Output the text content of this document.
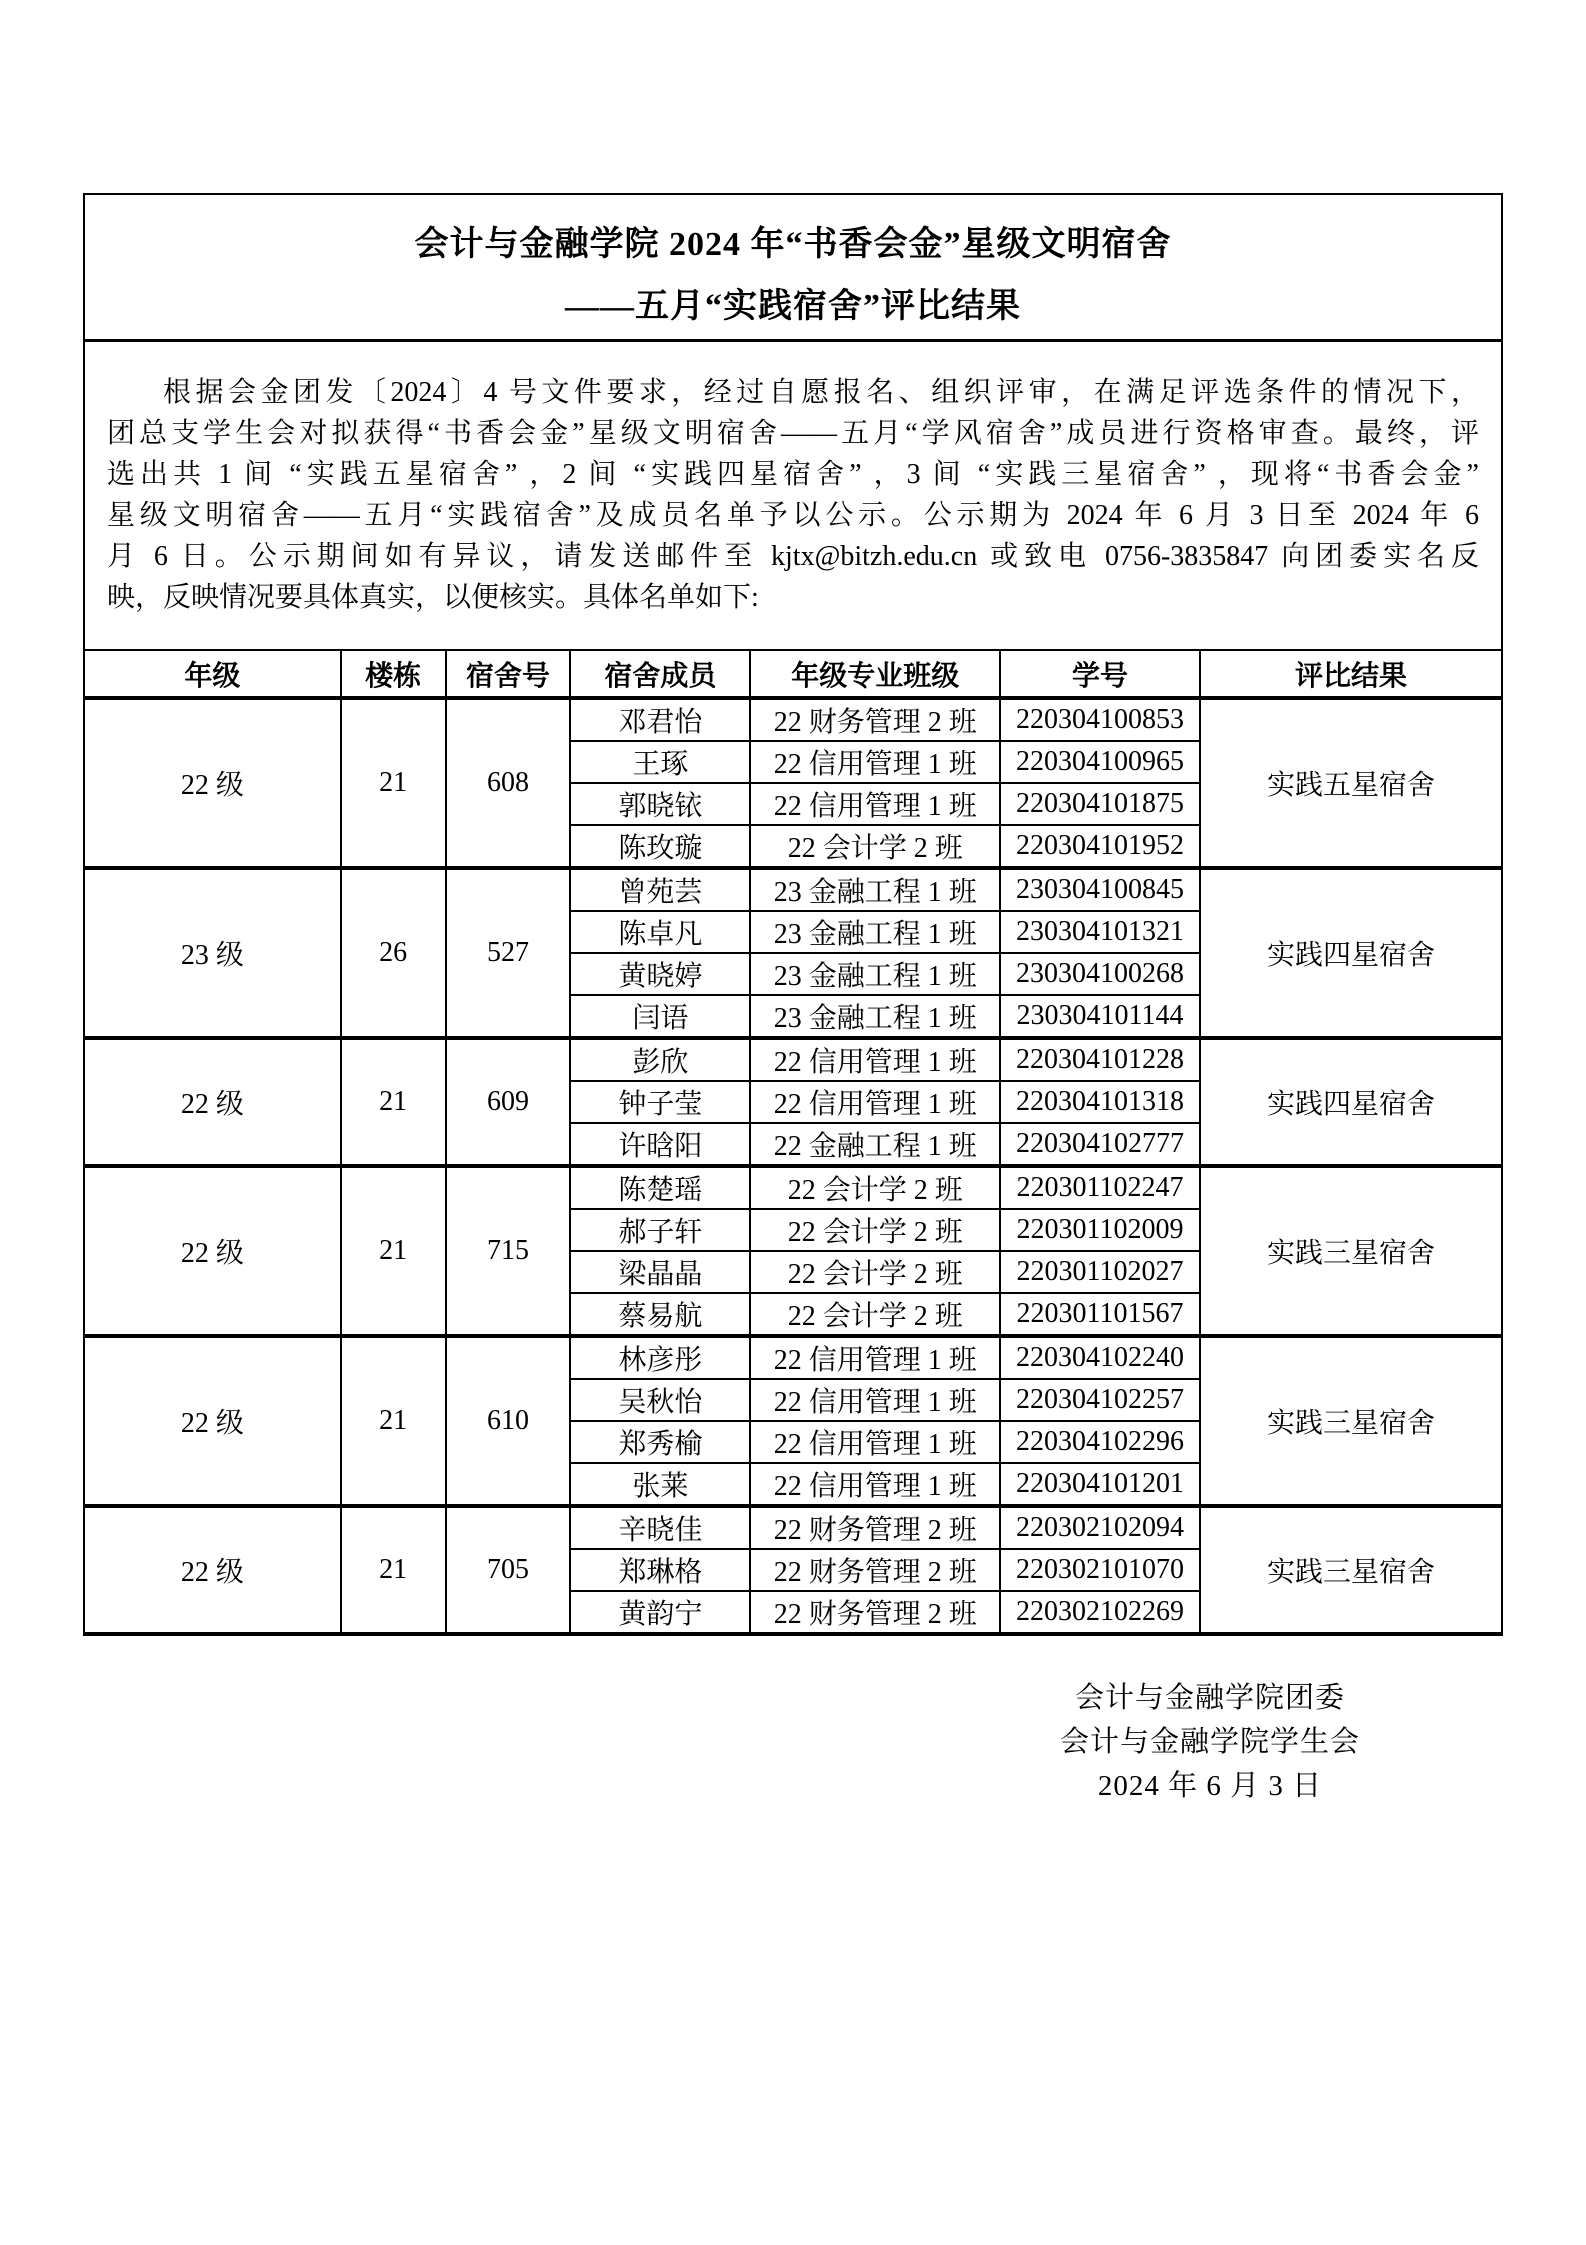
会计与金融学院 2024 年“书香会金”星级文明宿舍
——五月“实践宿舍”评比结果
根据会金团发〔2024〕4 号文件要求，经过自愿报名、组织评审，在满足评选条件的情况下，
团总支学生会对拟获得“书香会金”星级文明宿舍——五月“学风宿舍”成员进行资格审查。最终，评
选出共 1 间 “实践五星宿舍” ，2 间 “实践四星宿舍” ，3 间 “实践三星宿舍” ，现将“书香会金”
星级文明宿舍——五月“实践宿舍”及成员名单予以公示。公示期为 2024 年 6 月 3 日至 2024 年 6
月 6 日。公示期间如有异议，请发送邮件至 kjtx@bitzh.edu.cn 或致电 0756-3835847 向团委实名反
映，反映情况要具体真实，以便核实。具体名单如下:
年级	楼栋	宿舍号	宿舍成员	年级专业班级	学号	评比结果
22 级	21	608	邓君怡	22 财务管理 2 班	220304100853	实践五星宿舍
			王琢	22 信用管理 1 班	220304100965	
			郭晓铱	22 信用管理 1 班	220304101875	
			陈玫璇	22 会计学 2 班	220304101952	
23 级	26	527	曾苑芸	23 金融工程 1 班	230304100845	实践四星宿舍
			陈卓凡	23 金融工程 1 班	230304101321	
			黄晓婷	23 金融工程 1 班	230304100268	
			闫语	23 金融工程 1 班	230304101144	
22 级	21	609	彭欣	22 信用管理 1 班	220304101228	实践四星宿舍
			钟子莹	22 信用管理 1 班	220304101318	
			许晗阳	22 金融工程 1 班	220304102777	
22 级	21	715	陈楚瑶	22 会计学 2 班	220301102247	实践三星宿舍
			郝子轩	22 会计学 2 班	220301102009	
			梁晶晶	22 会计学 2 班	220301102027	
			蔡易航	22 会计学 2 班	220301101567	
22 级	21	610	林彦彤	22 信用管理 1 班	220304102240	实践三星宿舍
			吴秋怡	22 信用管理 1 班	220304102257	
			郑秀榆	22 信用管理 1 班	220304102296	
			张莱	22 信用管理 1 班	220304101201	
22 级	21	705	辛晓佳	22 财务管理 2 班	220302102094	实践三星宿舍
			郑琳格	22 财务管理 2 班	220302101070	
			黄韵宁	22 财务管理 2 班	220302102269	
会计与金融学院团委
会计与金融学院学生会
2024 年 6 月 3 日
